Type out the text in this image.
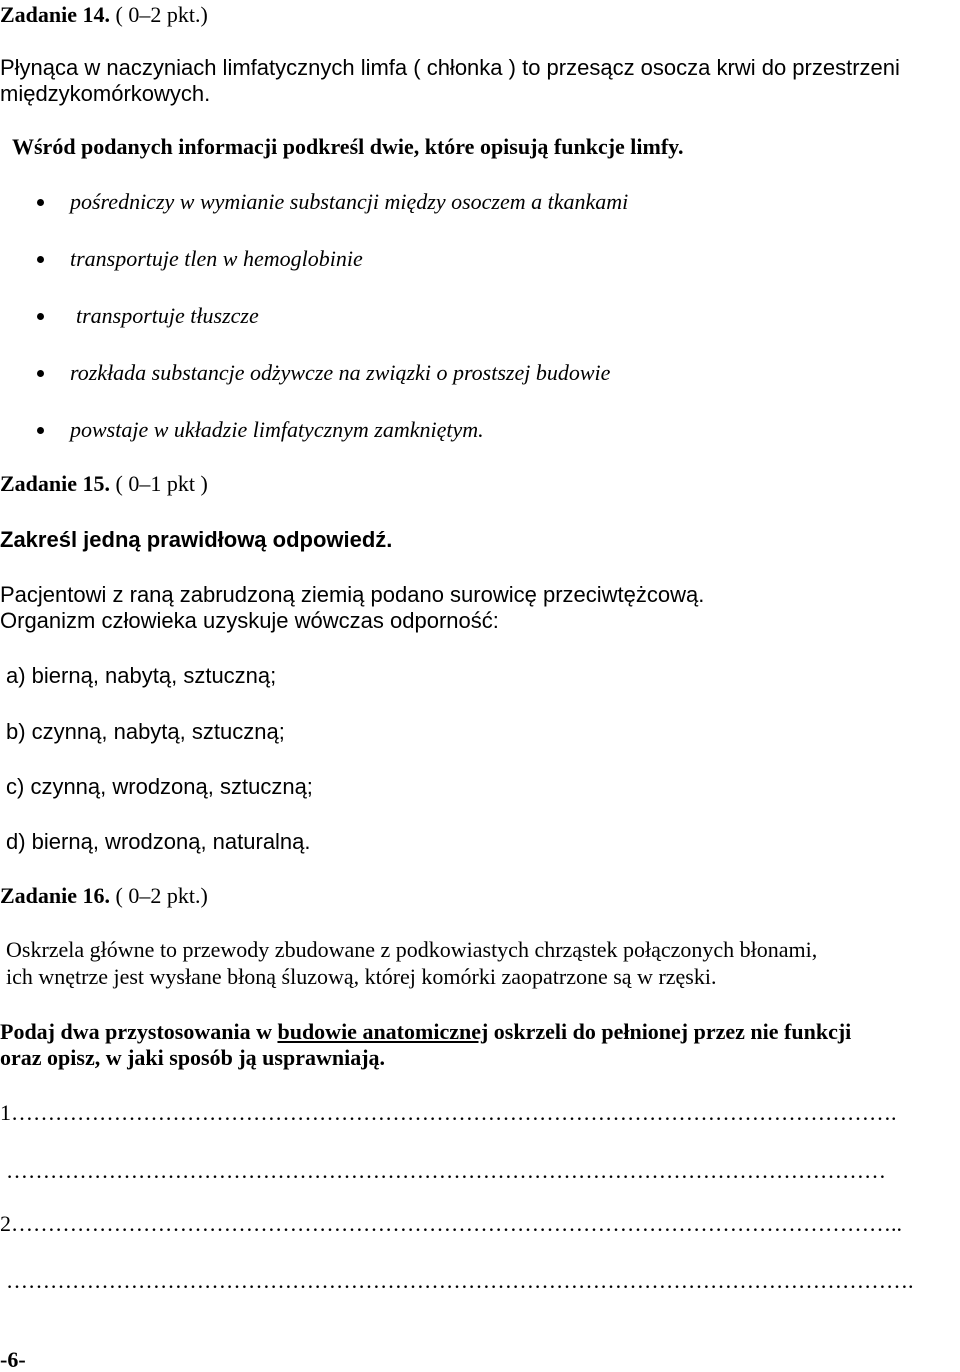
Zadanie 14. ( 0–2 pkt.)
Płynąca w naczyniach limfatycznych limfa ( chłonka ) to przesącz osocza krwi do przestrzeni
międzykomórkowych.
Wśród podanych informacji podkreśl dwie, które opisują funkcje limfy.
pośredniczy w wymianie substancji między osoczem a tkankami
transportuje tlen w hemoglobinie
transportuje tłuszcze
rozkłada substancje odżywcze na związki o prostszej budowie
powstaje w układzie limfatycznym zamkniętym.
Zadanie 15. ( 0–1 pkt )
Zakreśl jedną prawidłową odpowiedź.
Pacjentowi z raną zabrudzoną ziemią podano surowicę przeciwtężcową.
Organizm człowieka uzyskuje wówczas odporność:
a) bierną, nabytą, sztuczną;
b) czynną, nabytą, sztuczną;
c) czynną, wrodzoną, sztuczną;
d) bierną, wrodzoną, naturalną.
Zadanie 16. ( 0–2 pkt.)
Oskrzela główne to przewody zbudowane z podkowiastych chrząstek połączonych błonami,
ich wnętrze jest wysłane błoną śluzową, której komórki zaopatrzone są w rzęski.
Podaj dwa przystosowania w budowie anatomicznej oskrzeli do pełnionej przez nie funkcji
oraz opisz, w jaki sposób ją usprawniają.
1………………………………………………………………………………………………………….
…………………………………………………………………………………………………………
2…………………………………………………………………………………………………………..
…………………………………………………………………………………………………………….
-6-
